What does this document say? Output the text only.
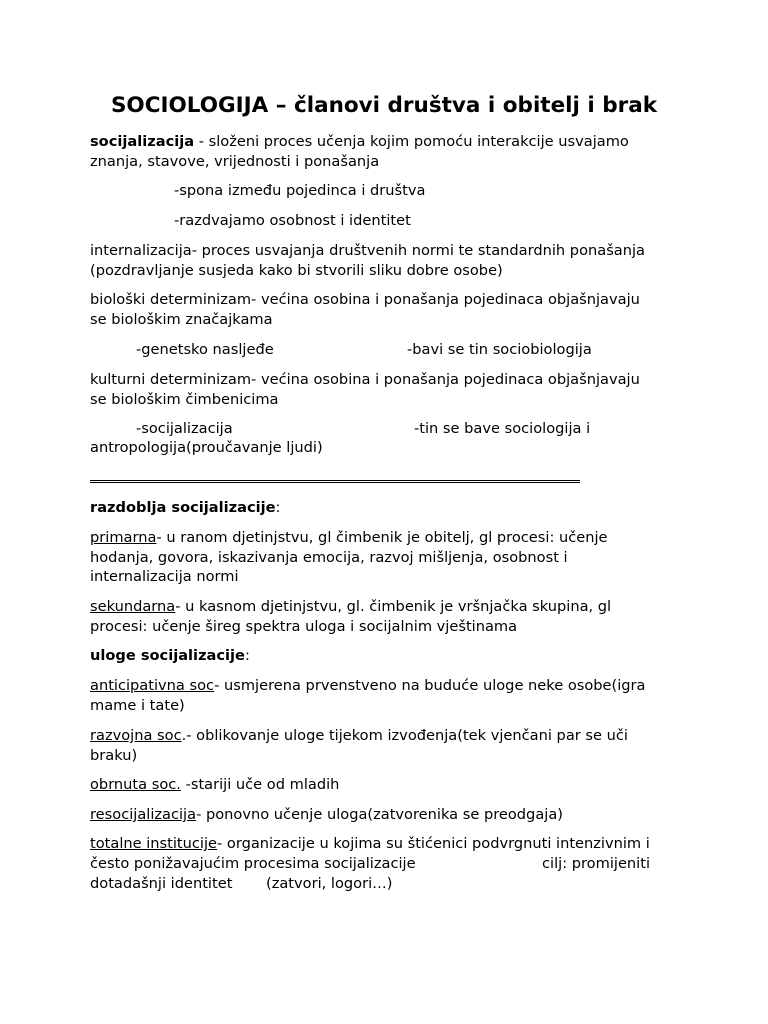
SOCIOLOGIJA – članovi društva i obitelj i brak
socijalizacija - složeni proces učenja kojim pomoću interakcije usvajamo
znanja, stavove, vrijednosti i ponašanja
-spona između pojedinca i društva
-razdvajamo osobnost i identitet
internalizacija- proces usvajanja društvenih normi te standardnih ponašanja
(pozdravljanje susjeda kako bi stvorili sliku dobre osobe)
biološki determinizam- većina osobina i ponašanja pojedinaca objašnjavaju
se biološkim značajkama
-genetsko nasljeđe	-bavi se tin sociobiologija
kulturni determinizam- većina osobina i ponašanja pojedinaca objašnjavaju
se biološkim čimbenicima
-socijalizacija	-tin se bave sociologija i
antropologija(proučavanje ljudi)
razdoblja socijalizacije:
primarna- u ranom djetinjstvu, gl čimbenik je obitelj, gl procesi: učenje
hodanja, govora, iskazivanja emocija, razvoj mišljenja, osobnost i
internalizacija normi
sekundarna- u kasnom djetinjstvu, gl. čimbenik je vršnjačka skupina, gl
procesi: učenje šireg spektra uloga i socijalnim vještinama
uloge socijalizacije:
anticipativna soc- usmjerena prvenstveno na buduće uloge neke osobe(igra
mame i tate)
razvojna soc.- oblikovanje uloge tijekom izvođenja(tek vjenčani par se uči
braku)
obrnuta soc. -stariji uče od mladih
resocijalizacija- ponovno učenje uloga(zatvorenika se preodgaja)
totalne institucije- organizacije u kojima su štićenici podvrgnuti intenzivnim i
često ponižavajućim procesima socijalizacije	cilj: promijeniti
dotadašnji identitet	(zatvori, logori…)
